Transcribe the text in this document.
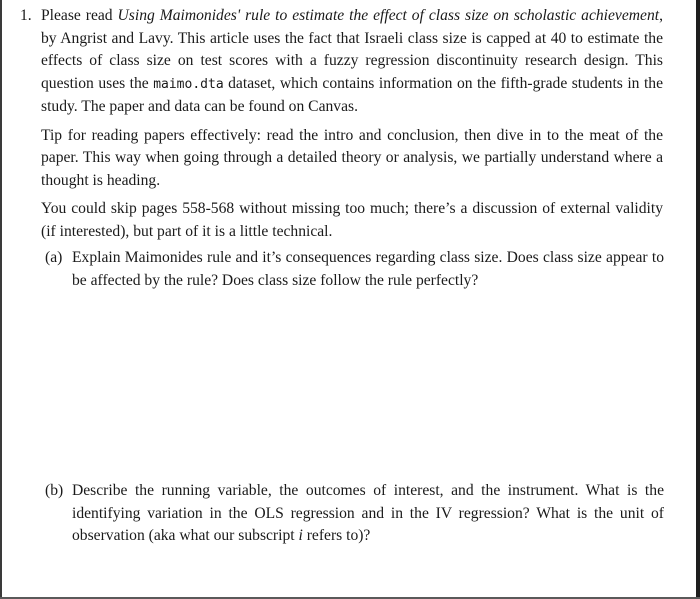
1. Please read Using Maimonides' rule to estimate the effect of class size on scholastic achievement, by Angrist and Lavy. This article uses the fact that Israeli class size is capped at 40 to estimate the effects of class size on test scores with a fuzzy regression discontinuity research design. This question uses the maimo.dta dataset, which contains information on the fifth-grade students in the study. The paper and data can be found on Canvas.

Tip for reading papers effectively: read the intro and conclusion, then dive in to the meat of the paper. This way when going through a detailed theory or analysis, we partially understand where a thought is heading.

You could skip pages 558-568 without missing too much; there’s a discussion of external validity (if interested), but part of it is a little technical.

(a) Explain Maimonides rule and it’s consequences regarding class size. Does class size appear to be affected by the rule? Does class size follow the rule perfectly?

(b) Describe the running variable, the outcomes of interest, and the instrument. What is the identifying variation in the OLS regression and in the IV regression? What is the unit of observation (aka what our subscript i refers to)?
